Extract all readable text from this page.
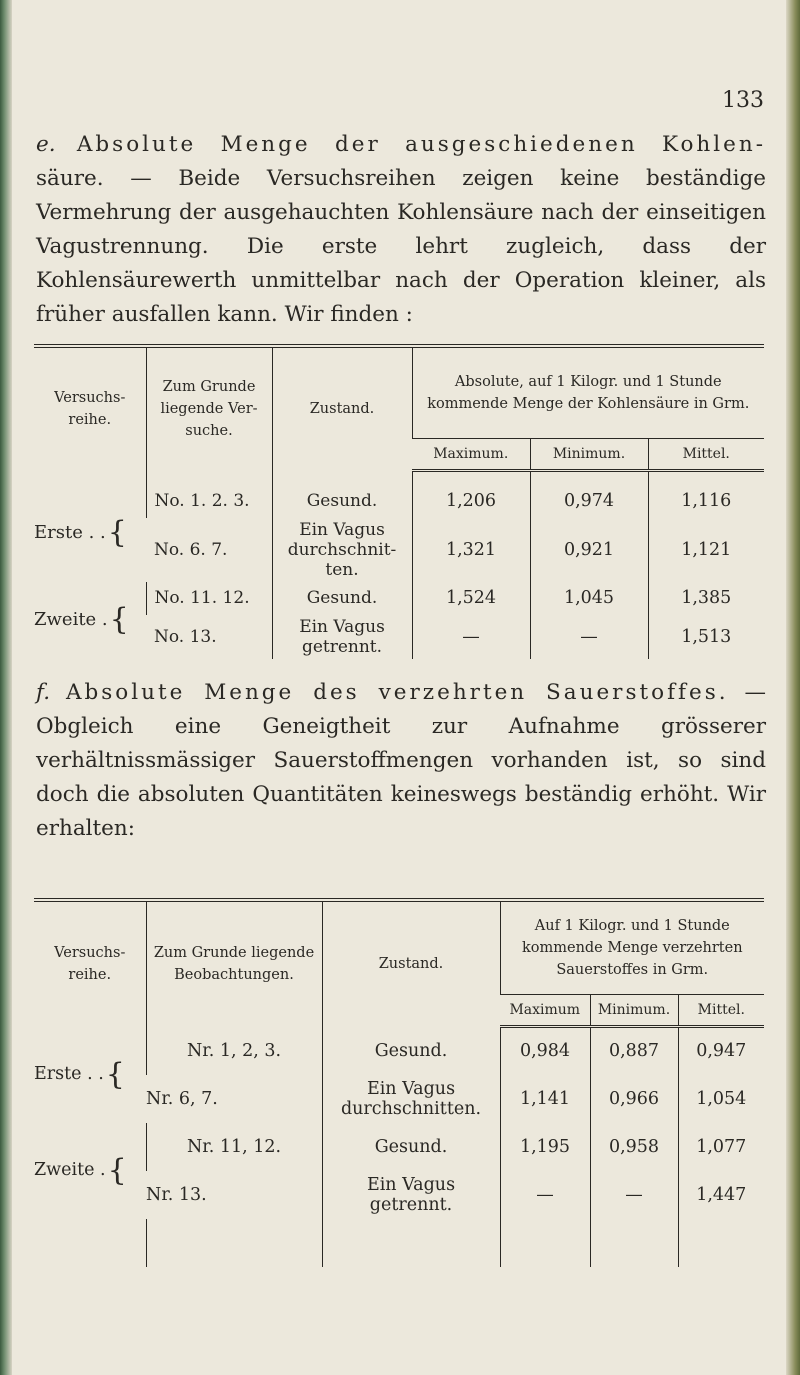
133
e. Absolute Menge der ausgeschiedenen Kohlen- säure. — Beide Versuchsreihen zeigen keine beständige Vermehrung der ausgehauchten Kohlensäure nach der einseitigen Vagustrennung. Die erste lehrt zugleich, dass der Kohlensäurewerth unmittelbar nach der Operation kleiner, als früher ausfallen kann. Wir finden :
Versuchs-reihe.	Zum Grunde liegende Ver-suche.	Zustand.	Absolute, auf 1 Kilogr. und 1 Stunde kommende Menge der Kohlensäure in Grm.		
			Maximum.	Minimum.	Mittel.

Erste . .{	No. 1. 2. 3.	Gesund.	1,206	0,974	1,116
	No. 6. 7.	Ein Vagus durchschnit-ten.	1,321	0,921	1,121
Zweite .{	No. 11. 12.	Gesund.	1,524	1,045	1,385
	No. 13.	Ein Vagus getrennt.	—	—	1,513
f. Absolute Menge des verzehrten Sauerstoffes. — Obgleich eine Geneigtheit zur Aufnahme grösserer verhältnissmässiger Sauerstoffmengen vorhanden ist, so sind doch die absoluten Quantitäten keineswegs beständig erhöht. Wir erhalten:
Versuchs-reihe.	Zum Grunde liegende Beobachtungen.	Zustand.	Auf 1 Kilogr. und 1 Stunde kommende Menge verzehrten Sauerstoffes in Grm.		
			Maximum	Minimum.	Mittel.
Erste . .{	Nr. 1, 2, 3.	Gesund.	0,984	0,887	0,947
	Nr. 6, 7.	Ein Vagus durchschnitten.	1,141	0,966	1,054
Zweite .{	Nr. 11, 12.	Gesund.	1,195	0,958	1,077
	Nr. 13.	Ein Vagus getrennt.	—	—	1,447
